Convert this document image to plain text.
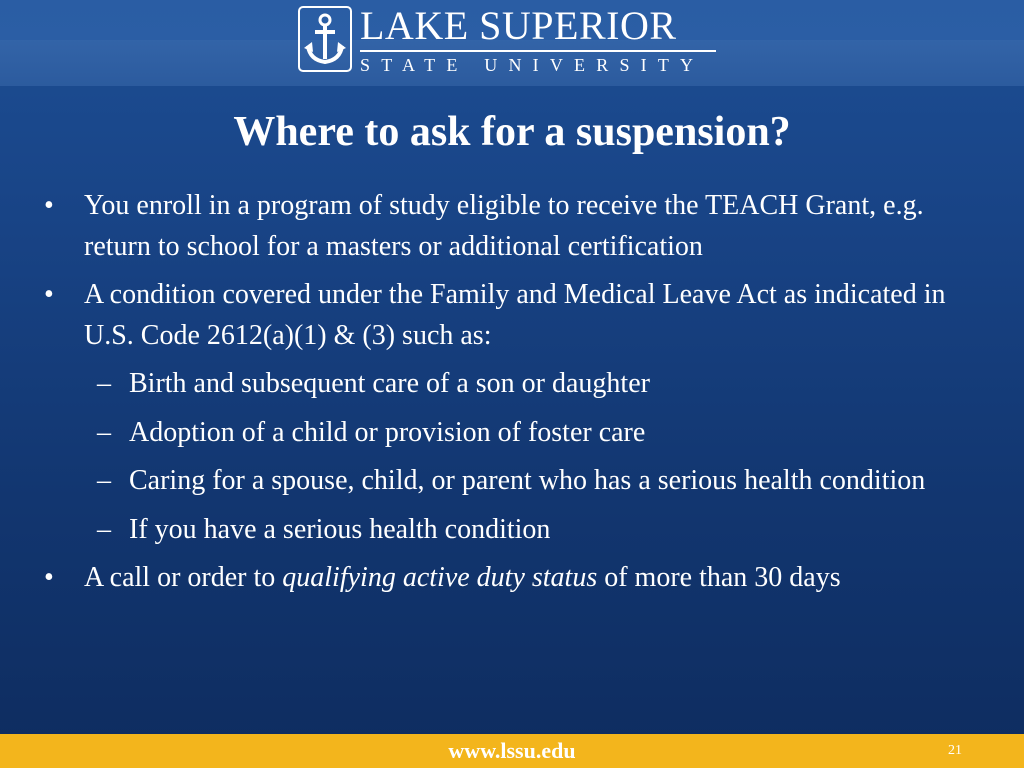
LAKE SUPERIOR
STATE UNIVERSITY
Where to ask for a suspension?
• You enroll in a program of study eligible to receive the TEACH Grant, e.g. return to school for a masters or additional certification
• A condition covered under the Family and Medical Leave Act as indicated in U.S. Code 2612(a)(1) & (3) such as:
– Birth and subsequent care of a son or daughter
– Adoption of a child or provision of foster care
– Caring for a spouse, child, or parent who has a serious health condition
– If you have a serious health condition
• A call or order to qualifying active duty status of more than 30 days
www.lssu.edu	21
